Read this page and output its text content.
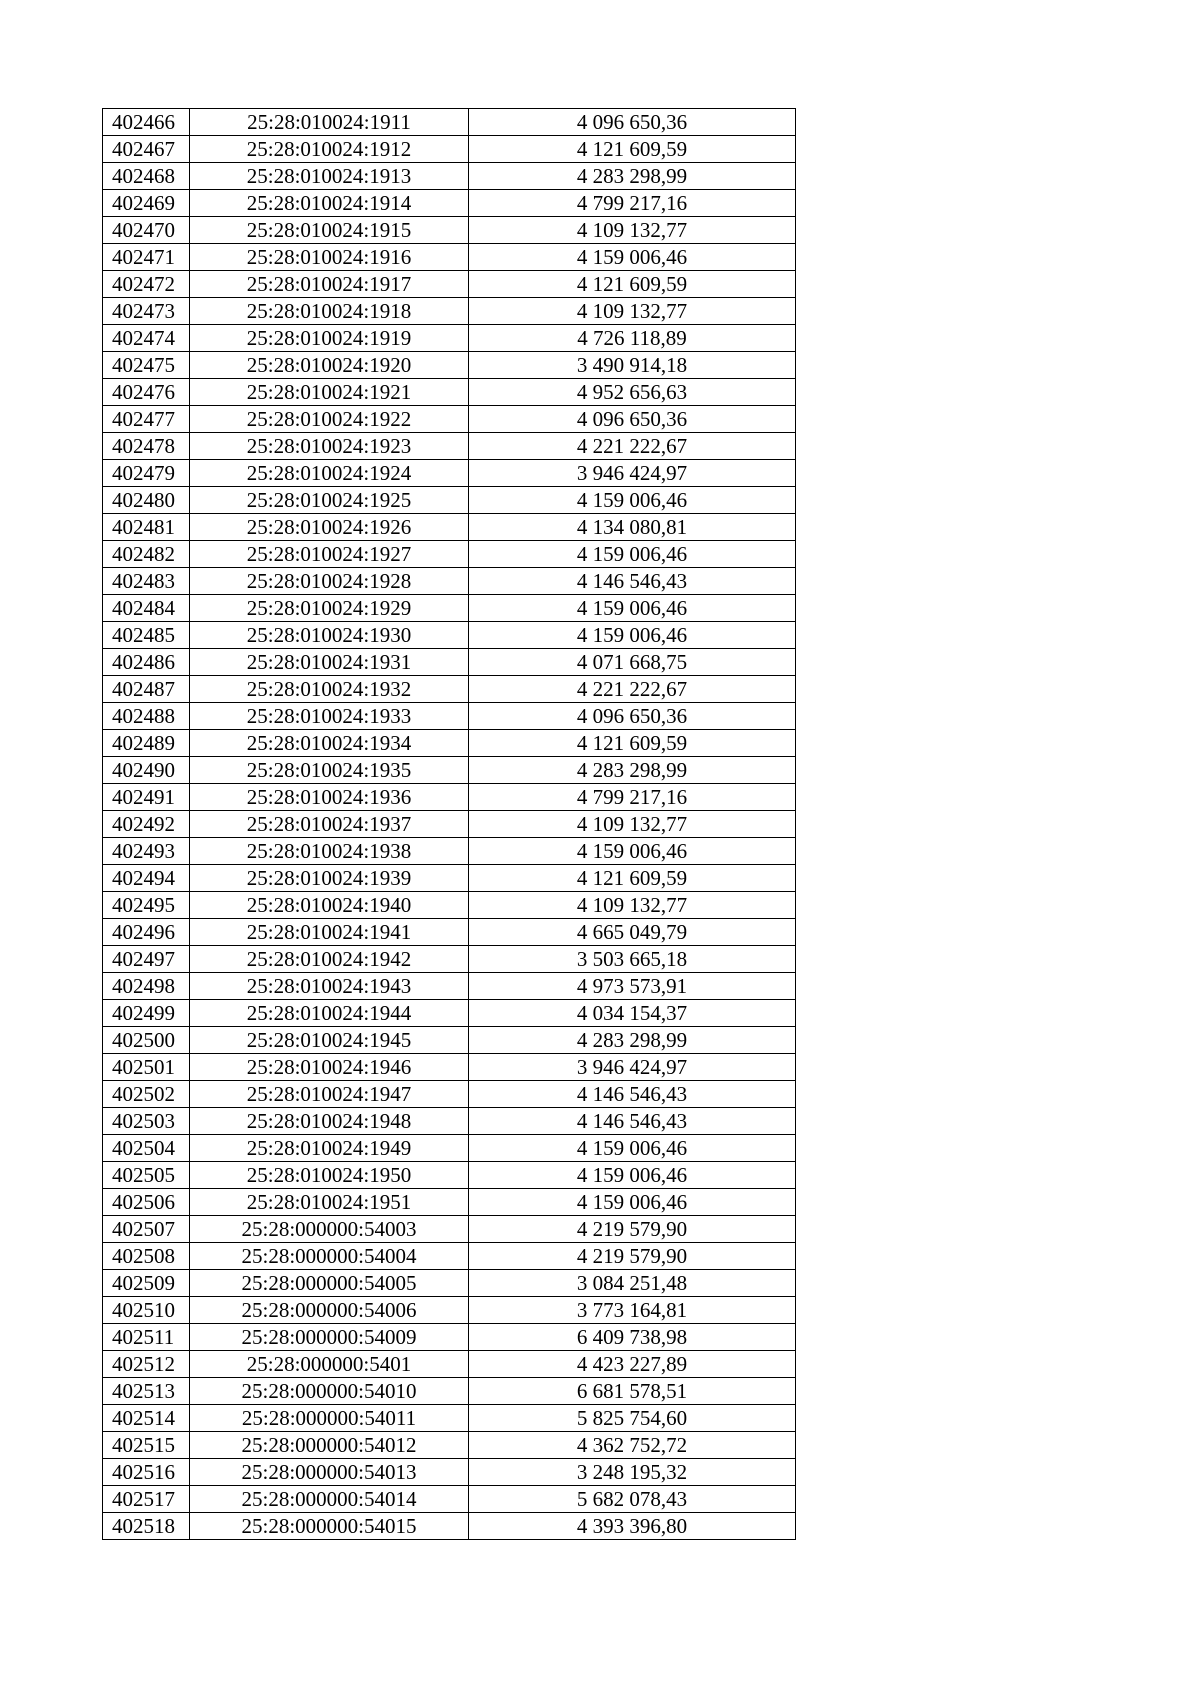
402466	25:28:010024:1911	4 096 650,36
402467	25:28:010024:1912	4 121 609,59
402468	25:28:010024:1913	4 283 298,99
402469	25:28:010024:1914	4 799 217,16
402470	25:28:010024:1915	4 109 132,77
402471	25:28:010024:1916	4 159 006,46
402472	25:28:010024:1917	4 121 609,59
402473	25:28:010024:1918	4 109 132,77
402474	25:28:010024:1919	4 726 118,89
402475	25:28:010024:1920	3 490 914,18
402476	25:28:010024:1921	4 952 656,63
402477	25:28:010024:1922	4 096 650,36
402478	25:28:010024:1923	4 221 222,67
402479	25:28:010024:1924	3 946 424,97
402480	25:28:010024:1925	4 159 006,46
402481	25:28:010024:1926	4 134 080,81
402482	25:28:010024:1927	4 159 006,46
402483	25:28:010024:1928	4 146 546,43
402484	25:28:010024:1929	4 159 006,46
402485	25:28:010024:1930	4 159 006,46
402486	25:28:010024:1931	4 071 668,75
402487	25:28:010024:1932	4 221 222,67
402488	25:28:010024:1933	4 096 650,36
402489	25:28:010024:1934	4 121 609,59
402490	25:28:010024:1935	4 283 298,99
402491	25:28:010024:1936	4 799 217,16
402492	25:28:010024:1937	4 109 132,77
402493	25:28:010024:1938	4 159 006,46
402494	25:28:010024:1939	4 121 609,59
402495	25:28:010024:1940	4 109 132,77
402496	25:28:010024:1941	4 665 049,79
402497	25:28:010024:1942	3 503 665,18
402498	25:28:010024:1943	4 973 573,91
402499	25:28:010024:1944	4 034 154,37
402500	25:28:010024:1945	4 283 298,99
402501	25:28:010024:1946	3 946 424,97
402502	25:28:010024:1947	4 146 546,43
402503	25:28:010024:1948	4 146 546,43
402504	25:28:010024:1949	4 159 006,46
402505	25:28:010024:1950	4 159 006,46
402506	25:28:010024:1951	4 159 006,46
402507	25:28:000000:54003	4 219 579,90
402508	25:28:000000:54004	4 219 579,90
402509	25:28:000000:54005	3 084 251,48
402510	25:28:000000:54006	3 773 164,81
402511	25:28:000000:54009	6 409 738,98
402512	25:28:000000:5401	4 423 227,89
402513	25:28:000000:54010	6 681 578,51
402514	25:28:000000:54011	5 825 754,60
402515	25:28:000000:54012	4 362 752,72
402516	25:28:000000:54013	3 248 195,32
402517	25:28:000000:54014	5 682 078,43
402518	25:28:000000:54015	4 393 396,80
